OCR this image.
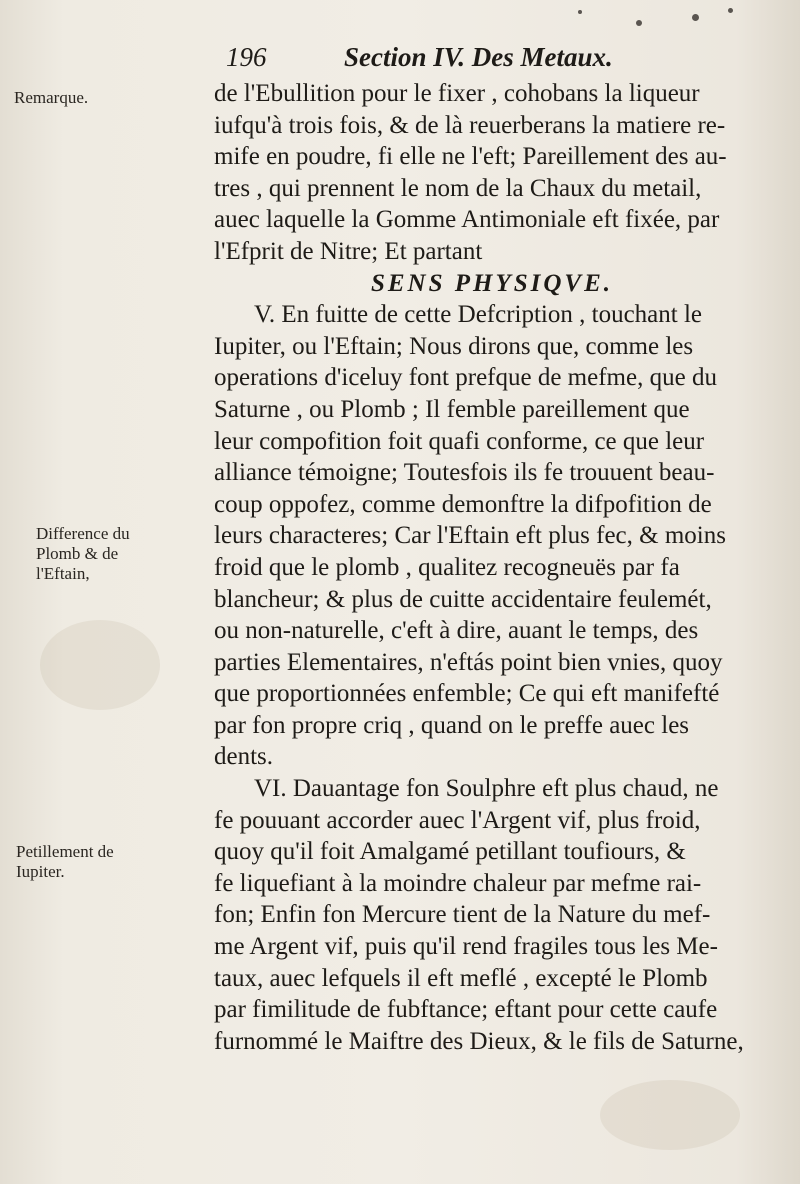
196	Section IV. Des Metaux.
Remarque.
Difference du
Plomb & de
l'Eftain,
Petillement de
Iupiter.
de l'Ebullition pour le fixer , cohobans la liqueur
iufqu'à trois fois, & de là reuerberans la matiere re-
mife en poudre, fi elle ne l'eft; Pareillement des au-
tres , qui prennent le nom de la Chaux du metail,
auec laquelle la Gomme Antimoniale eft fixée, par
l'Efprit de Nitre; Et partant
SENS PHYSIQVE.
V. En fuitte de cette Defcription , touchant le
Iupiter, ou l'Eftain; Nous dirons que, comme les
operations d'iceluy font prefque de mefme, que du
Saturne , ou Plomb ; Il femble pareillement que
leur compofition foit quafi conforme, ce que leur
alliance témoigne; Toutesfois ils fe trouuent beau-
coup oppofez, comme demonftre la difpofition de
leurs characteres; Car l'Eftain eft plus fec, & moins
froid que le plomb , qualitez recogneuës par fa
blancheur; & plus de cuitte accidentaire feulemét,
ou non-naturelle, c'eft à dire, auant le temps, des
parties Elementaires, n'eftás point bien vnies, quoy
que proportionnées enfemble; Ce qui eft manifefté
par fon propre criq , quand on le preffe auec les
dents.
VI. Dauantage fon Soulphre eft plus chaud, ne
fe pouuant accorder auec l'Argent vif, plus froid,
quoy qu'il foit Amalgamé petillant toufiours, &
fe liquefiant à la moindre chaleur par mefme rai-
fon; Enfin fon Mercure tient de la Nature du mef-
me Argent vif, puis qu'il rend fragiles tous les Me-
taux, auec lefquels il eft meflé , excepté le Plomb
par fimilitude de fubftance; eftant pour cette caufe
furnommé le Maiftre des Dieux, & le fils de Saturne,
